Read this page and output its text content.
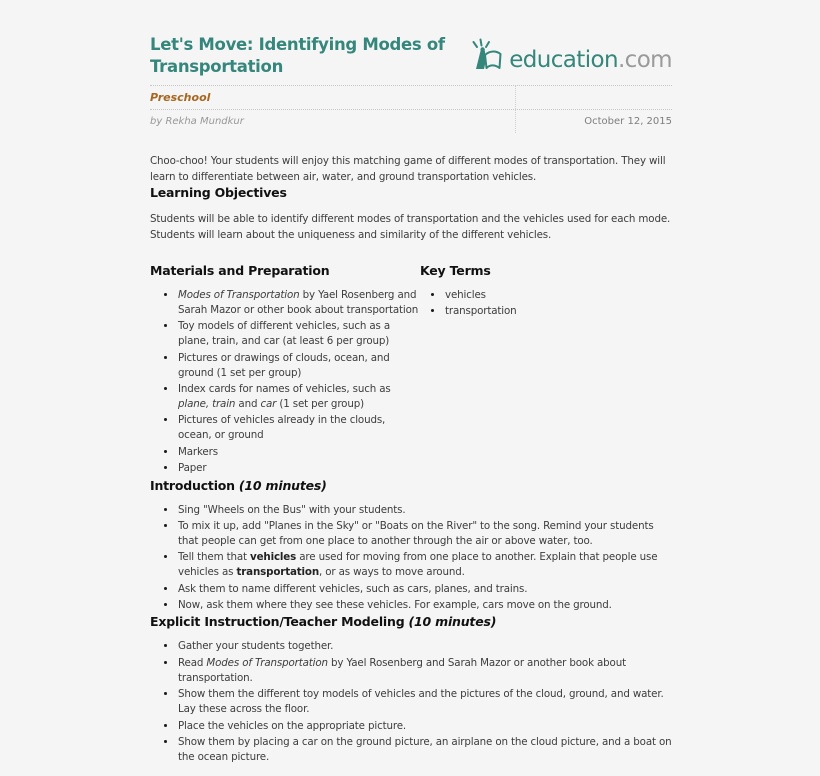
Let's Move: Identifying Modes of Transportation	education.com
Preschool
by Rekha Mundkur	October 12, 2015

Choo-choo! Your students will enjoy this matching game of different modes of transportation. They will learn to differentiate between air, water, and ground transportation vehicles.

Learning Objectives

Students will be able to identify different modes of transportation and the vehicles used for each mode. Students will learn about the uniqueness and similarity of the different vehicles.

Materials and Preparation
• Modes of Transportation by Yael Rosenberg and Sarah Mazor or other book about transportation
• Toy models of different vehicles, such as a plane, train, and car (at least 6 per group)
• Pictures or drawings of clouds, ocean, and ground (1 set per group)
• Index cards for names of vehicles, such as plane, train and car (1 set per group)
• Pictures of vehicles already in the clouds, ocean, or ground
• Markers
• Paper
Key Terms
• vehicles
• transportation
Introduction (10 minutes)
• Sing "Wheels on the Bus" with your students.
• To mix it up, add "Planes in the Sky" or "Boats on the River" to the song. Remind your students that people can get from one place to another through the air or above water, too.
• Tell them that vehicles are used for moving from one place to another. Explain that people use vehicles as transportation, or as ways to move around.
• Ask them to name different vehicles, such as cars, planes, and trains.
• Now, ask them where they see these vehicles. For example, cars move on the ground.
Explicit Instruction/Teacher Modeling (10 minutes)
• Gather your students together.
• Read Modes of Transportation by Yael Rosenberg and Sarah Mazor or another book about transportation.
• Show them the different toy models of vehicles and the pictures of the cloud, ground, and water. Lay these across the floor.
• Place the vehicles on the appropriate picture.
• Show them by placing a car on the ground picture, an airplane on the cloud picture, and a boat on the ocean picture.
